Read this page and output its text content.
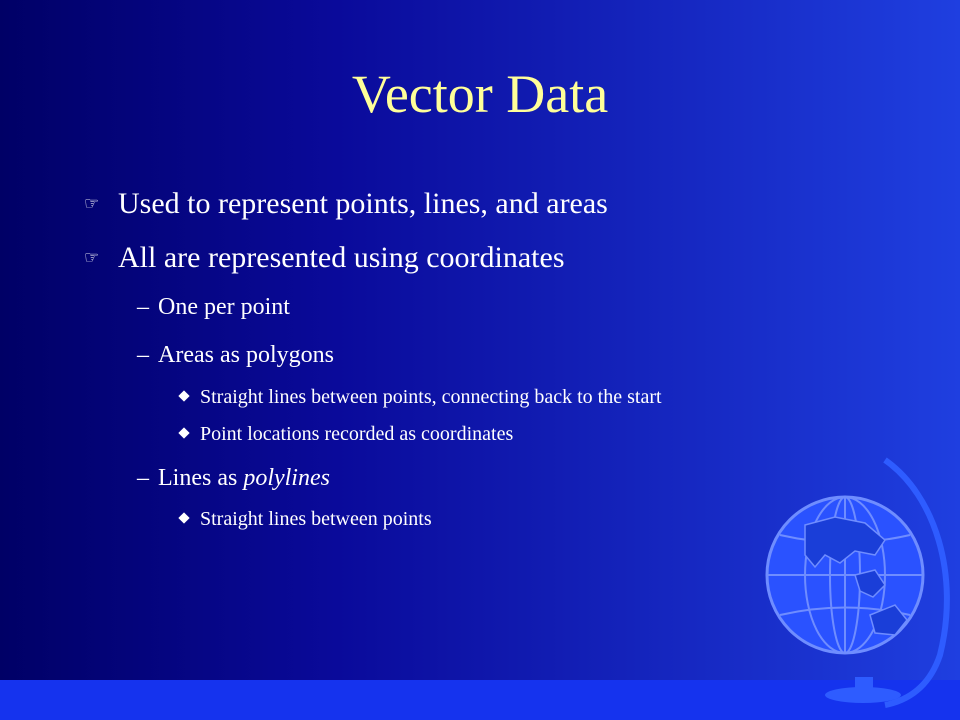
Vector Data
☞ Used to represent points, lines, and areas
☞ All are represented using coordinates
– One per point
– Areas as polygons
Straight lines between points, connecting back to the start
Point locations recorded as coordinates
– Lines as polylines
Straight lines between points
